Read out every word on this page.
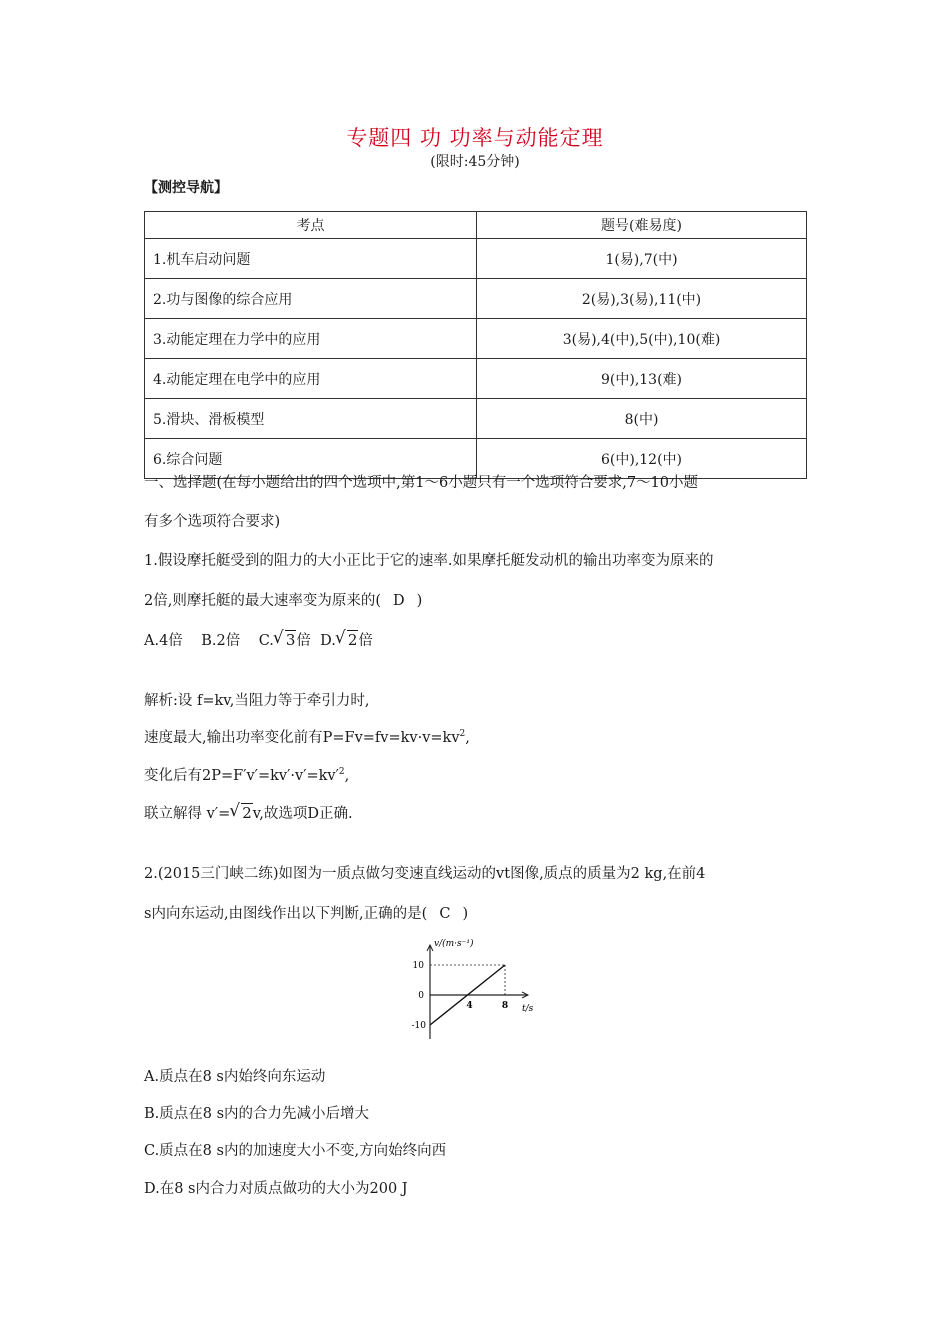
专题四 功 功率与动能定理
(限时:45分钟)
【测控导航】
考点	题号(难易度)
1.机车启动问题	1(易),7(中)
2.功与图像的综合应用	2(易),3(易),11(中)
3.动能定理在力学中的应用	3(易),4(中),5(中),10(难)
4.动能定理在电学中的应用	9(中),13(难)
5.滑块、滑板模型	8(中)
6.综合问题	6(中),12(中)
一、选择题(在每小题给出的四个选项中,第1～6小题只有一个选项符合要求,7～10小题
有多个选项符合要求)
1.假设摩托艇受到的阻力的大小正比于它的速率.如果摩托艇发动机的输出功率变为原来的
2倍,则摩托艇的最大速率变为原来的( D )
A.4倍 B.2倍 C. √ 3倍 D. √ 2倍
解析:设 f=kv,当阻力等于牵引力时,
速度最大,输出功率变化前有$P=Fv=fv=kv\cdot v=kv^2$,
变化后有$2P=F'v'=kv'\cdot v'=kv'^2$,
联立解得 v′= √ 2v,故选项D正确.
2.(2015三门峡二练)如图为一质点做匀变速直线运动的vt图像,质点的质量为2 kg,在前4
s内向东运动,由图线作出以下判断,正确的是( C )
v/(m·s⁻¹)
t/s
10
0
-10
4	8
A.质点在8 s内始终向东运动
B.质点在8 s内的合力先减小后增大
C.质点在8 s内的加速度大小不变,方向始终向西
D.在8 s内合力对质点做功的大小为200 J
